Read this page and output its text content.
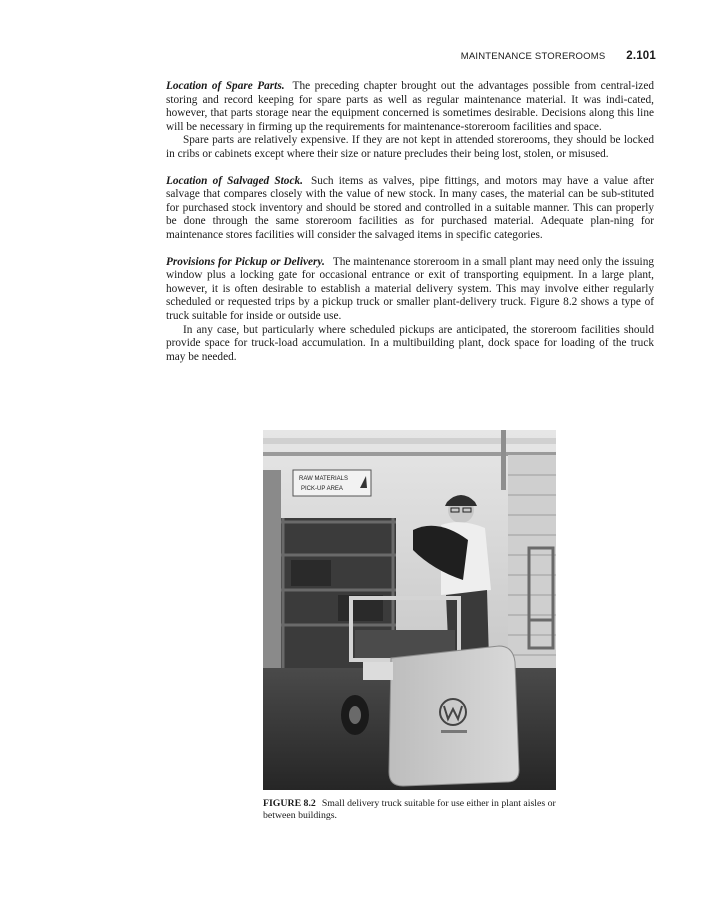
MAINTENANCE STOREROOMS 2.101

Location of Spare Parts. The preceding chapter brought out the advantages possible from central-ized storing and record keeping for spare parts as well as regular maintenance material. It was indi-cated, however, that parts storage near the equipment concerned is sometimes desirable. Decisions along this line will be necessary in firming up the requirements for maintenance-storeroom facilities and space.

Spare parts are relatively expensive. If they are not kept in attended storerooms, they should be locked in cribs or cabinets except where their size or nature precludes their being lost, stolen, or misused.

Location of Salvaged Stock. Such items as valves, pipe fittings, and motors may have a value after salvage that compares closely with the value of new stock. In many cases, the material can be sub-stituted for purchased stock inventory and should be stored and controlled in a suitable manner. This can properly be done through the same storeroom facilities as for purchased material. Adequate plan-ning for maintenance stores facilities will consider the salvaged items in specific categories.

Provisions for Pickup or Delivery. The maintenance storeroom in a small plant may need only the issuing window plus a locking gate for occasional entrance or exit of transporting equipment. In a large plant, however, it is often desirable to establish a material delivery system. This may involve either regularly scheduled or requested trips by a pickup truck or smaller plant-delivery truck. Figure 8.2 shows a type of truck suitable for inside or outside use.

In any case, but particularly where scheduled pickups are anticipated, the storeroom facilities should provide space for truck-load accumulation. In a multibuilding plant, dock space for loading of the truck may be needed.

RAW MATERIALS
PICK-UP AREA
FIGURE 8.2 Small delivery truck suitable for use either in plant aisles or between buildings.
